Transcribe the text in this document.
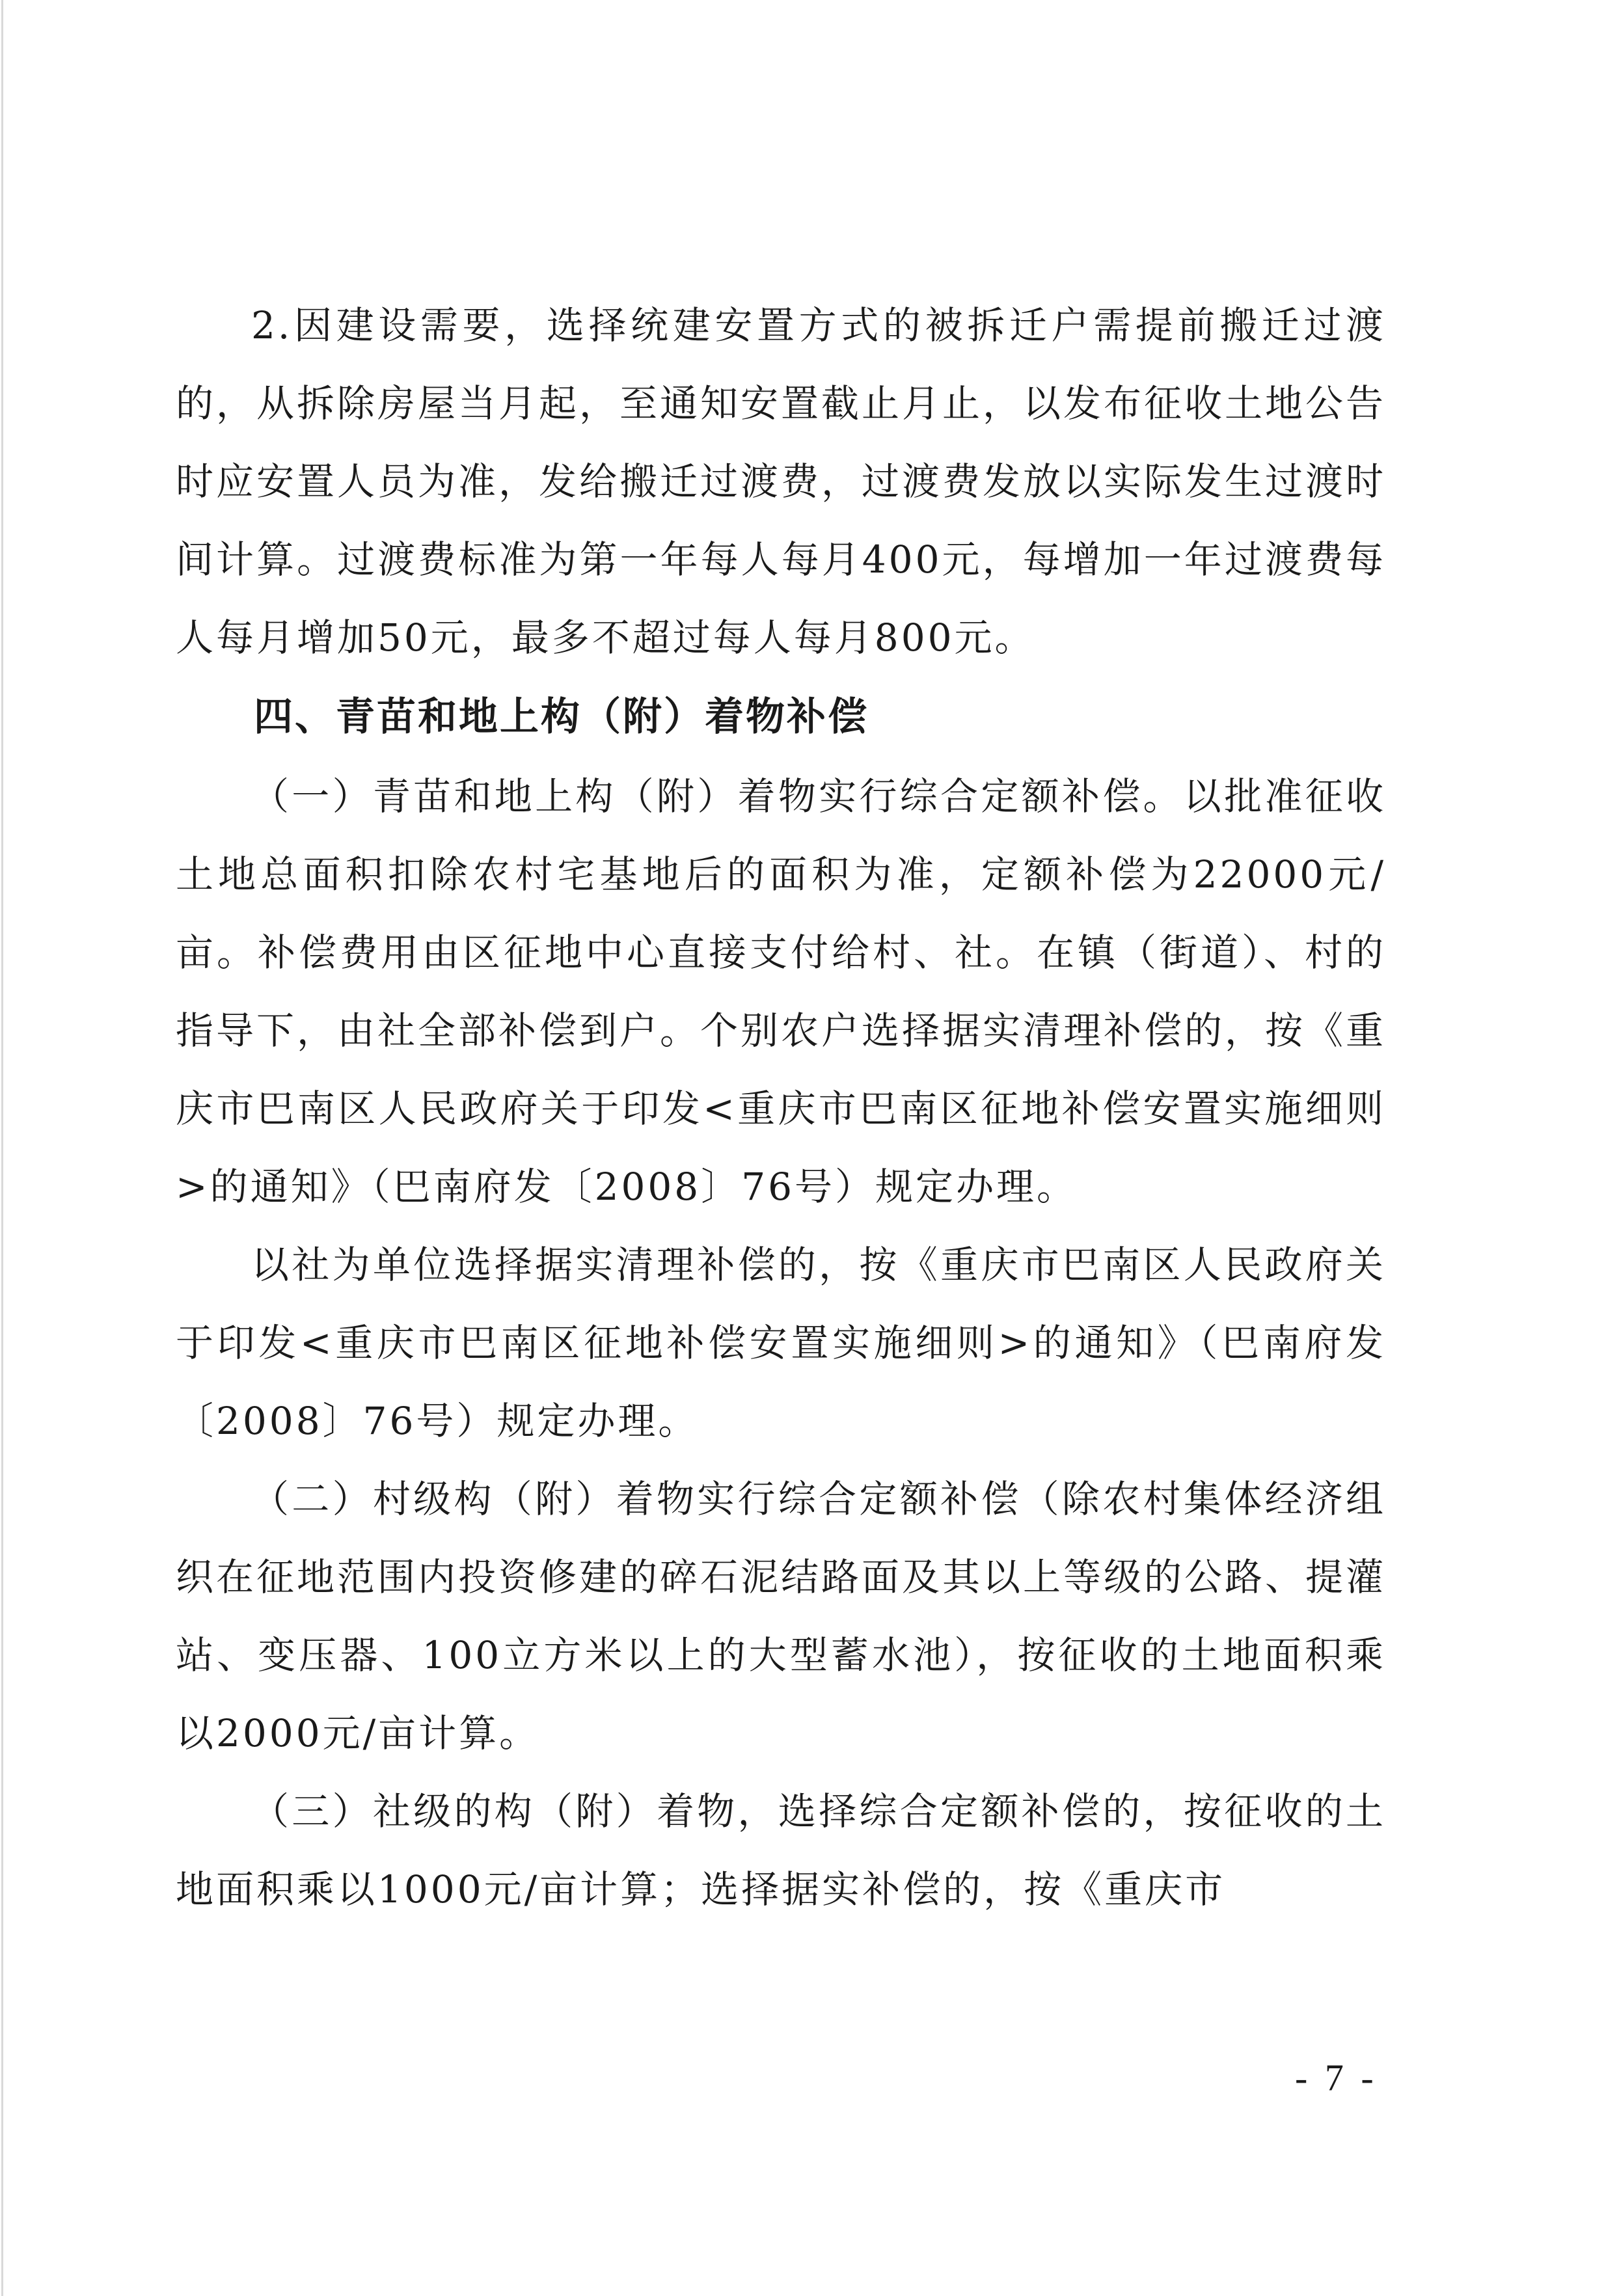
2.因建设需要，选择统建安置方式的被拆迁户需提前搬迁过渡的，从拆除房屋当月起，至通知安置截止月止，以发布征收土地公告时应安置人员为准，发给搬迁过渡费，过渡费发放以实际发生过渡时间计算。过渡费标准为第一年每人每月400元，每增加一年过渡费每人每月增加50元，最多不超过每人每月800元。

四、青苗和地上构（附）着物补偿

（一）青苗和地上构（附）着物实行综合定额补偿。以批准征收土地总面积扣除农村宅基地后的面积为准，定额补偿为22000元/亩。补偿费用由区征地中心直接支付给村、社。在镇（街道）、村的指导下，由社全部补偿到户。个别农户选择据实清理补偿的，按《重庆市巴南区人民政府关于印发<重庆市巴南区征地补偿安置实施细则>的通知》（巴南府发〔2008〕76号）规定办理。

以社为单位选择据实清理补偿的，按《重庆市巴南区人民政府关于印发<重庆市巴南区征地补偿安置实施细则>的通知》（巴南府发〔2008〕76号）规定办理。

（二）村级构（附）着物实行综合定额补偿（除农村集体经济组织在征地范围内投资修建的碎石泥结路面及其以上等级的公路、提灌站、变压器、100立方米以上的大型蓄水池），按征收的土地面积乘以2000元/亩计算。

（三）社级的构（附）着物，选择综合定额补偿的，按征收的土地面积乘以1000元/亩计算；选择据实补偿的，按《重庆市

- 7 -
